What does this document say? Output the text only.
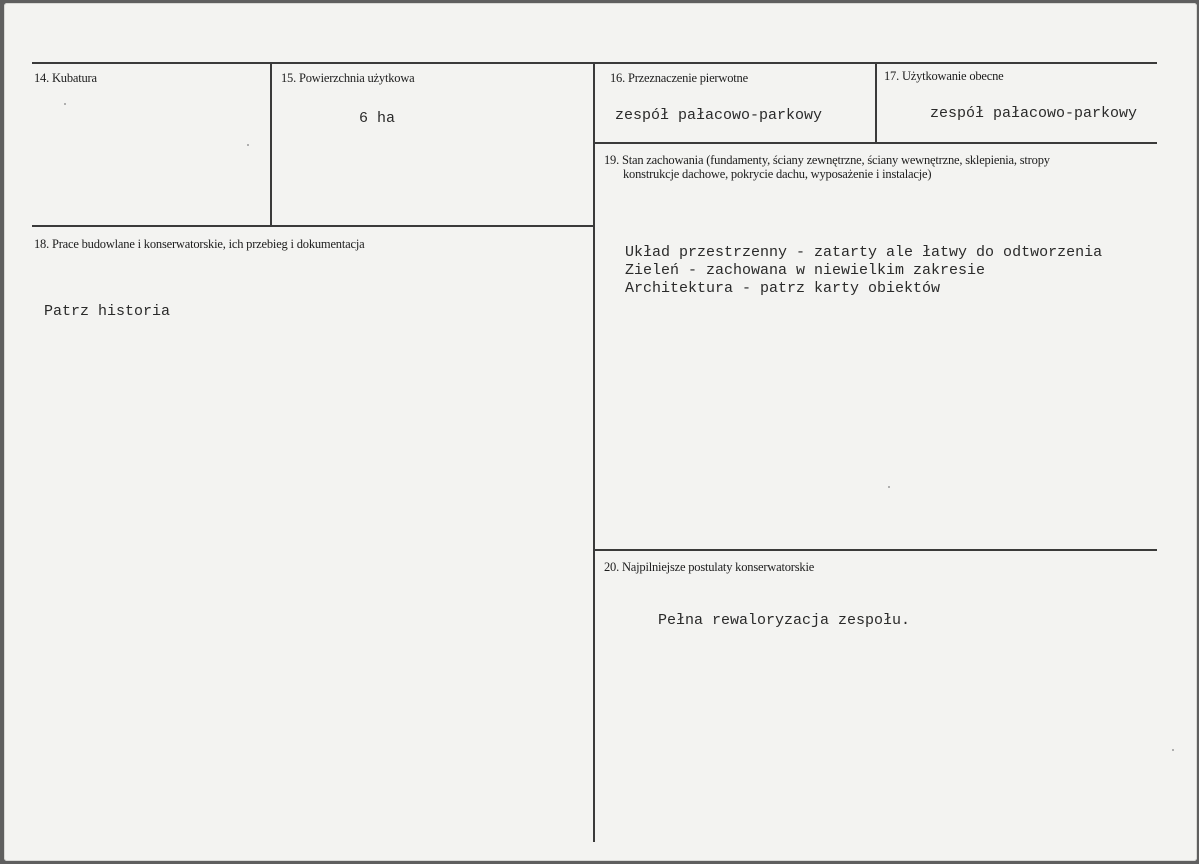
14. Kubatura	15. Powierzchnia użytkowa
6 ha
16. Przeznaczenie pierwotne
zespół pałacowo-parkowy
17. Użytkowanie obecne
zespół pałacowo-parkowy
18. Prace budowlane i konserwatorskie, ich przebieg i dokumentacja
Patrz historia
19. Stan zachowania (fundamenty, ściany zewnętrzne, ściany wewnętrzne, sklepienia, stropy
konstrukcje dachowe, pokrycie dachu, wyposażenie i instalacje)
Układ przestrzenny - zatarty ale łatwy do odtworzenia
Zieleń - zachowana w niewielkim zakresie
Architektura - patrz karty obiektów
20. Najpilniejsze postulaty konserwatorskie
Pełna rewaloryzacja zespołu.
